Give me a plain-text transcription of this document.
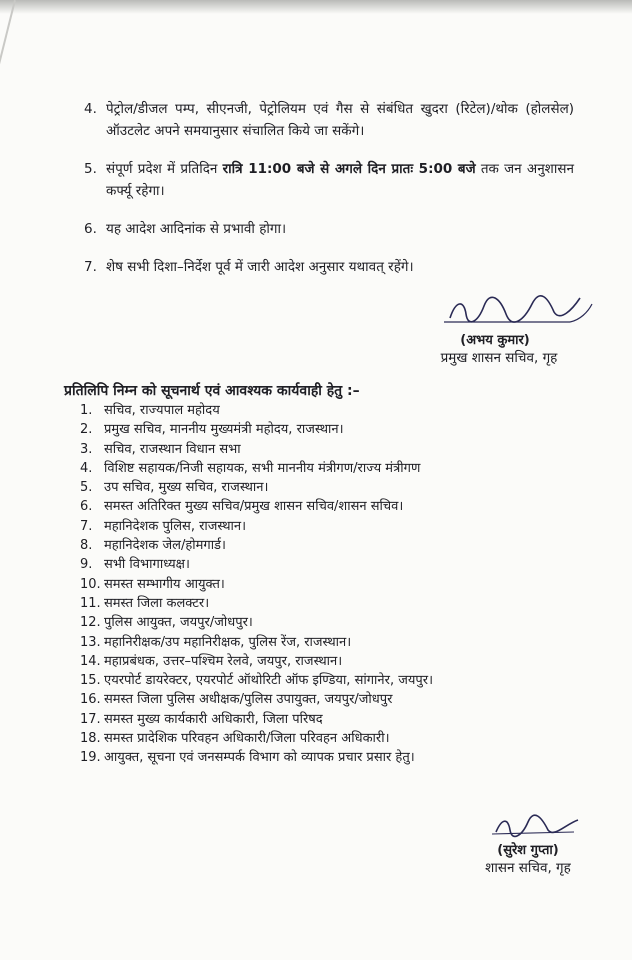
4. पेट्रोल/डीजल पम्प, सीएनजी, पेट्रोलियम एवं गैस से संबंधित खुदरा (रिटेल)/थोक (होलसेल) ऑउटलेट अपने समयानुसार संचालित किये जा सकेंगे।
5. संपूर्ण प्रदेश में प्रतिदिन रात्रि 11:00 बजे से अगले दिन प्रातः 5:00 बजे तक जन अनुशासन कर्फ्यू रहेगा।
6. यह आदेश आदिनांक से प्रभावी होगा।
7. शेष सभी दिशा–निर्देश पूर्व में जारी आदेश अनुसार यथावत् रहेंगे।
(अभय कुमार)
प्रमुख शासन सचिव, गृह
प्रतिलिपि निम्न को सूचनार्थ एवं आवश्यक कार्यवाही हेतु :–
1. सचिव, राज्यपाल महोदय
2. प्रमुख सचिव, माननीय मुख्यमंत्री महोदय, राजस्थान।
3. सचिव, राजस्थान विधान सभा
4. विशिष्ट सहायक/निजी सहायक, सभी माननीय मंत्रीगण/राज्य मंत्रीगण
5. उप सचिव, मुख्य सचिव, राजस्थान।
6. समस्त अतिरिक्त मुख्य सचिव/प्रमुख शासन सचिव/शासन सचिव।
7. महानिदेशक पुलिस, राजस्थान।
8. महानिदेशक जेल/होमगार्ड।
9. सभी विभागाध्यक्ष।
10. समस्त सम्भागीय आयुक्त।
11. समस्त जिला कलक्टर।
12. पुलिस आयुक्त, जयपुर/जोधपुर।
13. महानिरीक्षक/उप महानिरीक्षक, पुलिस रेंज, राजस्थान।
14. महाप्रबंधक, उत्तर–पश्चिम रेलवे, जयपुर, राजस्थान।
15. एयरपोर्ट डायरेक्टर, एयरपोर्ट ऑथोरिटी ऑफ इण्डिया, सांगानेर, जयपुर।
16. समस्त जिला पुलिस अधीक्षक/पुलिस उपायुक्त, जयपुर/जोधपुर
17. समस्त मुख्य कार्यकारी अधिकारी, जिला परिषद
18. समस्त प्रादेशिक परिवहन अधिकारी/जिला परिवहन अधिकारी।
19. आयुक्त, सूचना एवं जनसम्पर्क विभाग को व्यापक प्रचार प्रसार हेतु।
(सुरेश गुप्ता)
शासन सचिव, गृह
